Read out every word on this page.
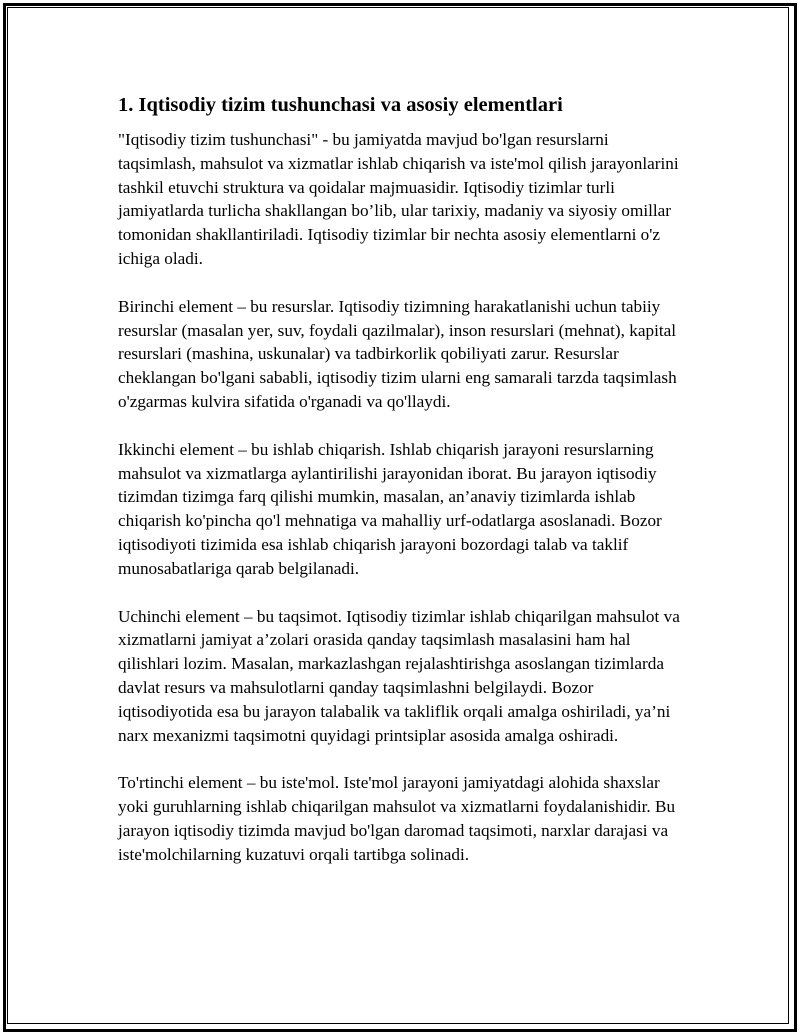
1. Iqtisodiy tizim tushunchasi va asosiy elementlari

"Iqtisodiy tizim tushunchasi" - bu jamiyatda mavjud bo'lgan resurslarni taqsimlash, mahsulot va xizmatlar ishlab chiqarish va iste'mol qilish jarayonlarini tashkil etuvchi struktura va qoidalar majmuasidir. Iqtisodiy tizimlar turli jamiyatlarda turlicha shakllangan bo’lib, ular tarixiy, madaniy va siyosiy omillar tomonidan shakllantiriladi. Iqtisodiy tizimlar bir nechta asosiy elementlarni o'z ichiga oladi.

Birinchi element – bu resurslar. Iqtisodiy tizimning harakatlanishi uchun tabiiy resurslar (masalan yer, suv, foydali qazilmalar), inson resurslari (mehnat), kapital resurslari (mashina, uskunalar) va tadbirkorlik qobiliyati zarur. Resurslar cheklangan bo'lgani sababli, iqtisodiy tizim ularni eng samarali tarzda taqsimlash o'zgarmas kulvira sifatida o'rganadi va qo'llaydi.

Ikkinchi element – bu ishlab chiqarish. Ishlab chiqarish jarayoni resurslarning mahsulot va xizmatlarga aylantirilishi jarayonidan iborat. Bu jarayon iqtisodiy tizimdan tizimga farq qilishi mumkin, masalan, an’anaviy tizimlarda ishlab chiqarish ko'pincha qo'l mehnatiga va mahalliy urf-odatlarga asoslanadi. Bozor iqtisodiyoti tizimida esa ishlab chiqarish jarayoni bozordagi talab va taklif munosabatlariga qarab belgilanadi.

Uchinchi element – bu taqsimot. Iqtisodiy tizimlar ishlab chiqarilgan mahsulot va xizmatlarni jamiyat a’zolari orasida qanday taqsimlash masalasini ham hal qilishlari lozim. Masalan, markazlashgan rejalashtirishga asoslangan tizimlarda davlat resurs va mahsulotlarni qanday taqsimlashni belgilaydi. Bozor iqtisodiyotida esa bu jarayon talabalik va takliflik orqali amalga oshiriladi, ya’ni narx mexanizmi taqsimotni quyidagi printsiplar asosida amalga oshiradi.

To'rtinchi element – bu iste'mol. Iste'mol jarayoni jamiyatdagi alohida shaxslar yoki guruhlarning ishlab chiqarilgan mahsulot va xizmatlarni foydalanishidir. Bu jarayon iqtisodiy tizimda mavjud bo'lgan daromad taqsimoti, narxlar darajasi va iste'molchilarning kuzatuvi orqali tartibga solinadi.
